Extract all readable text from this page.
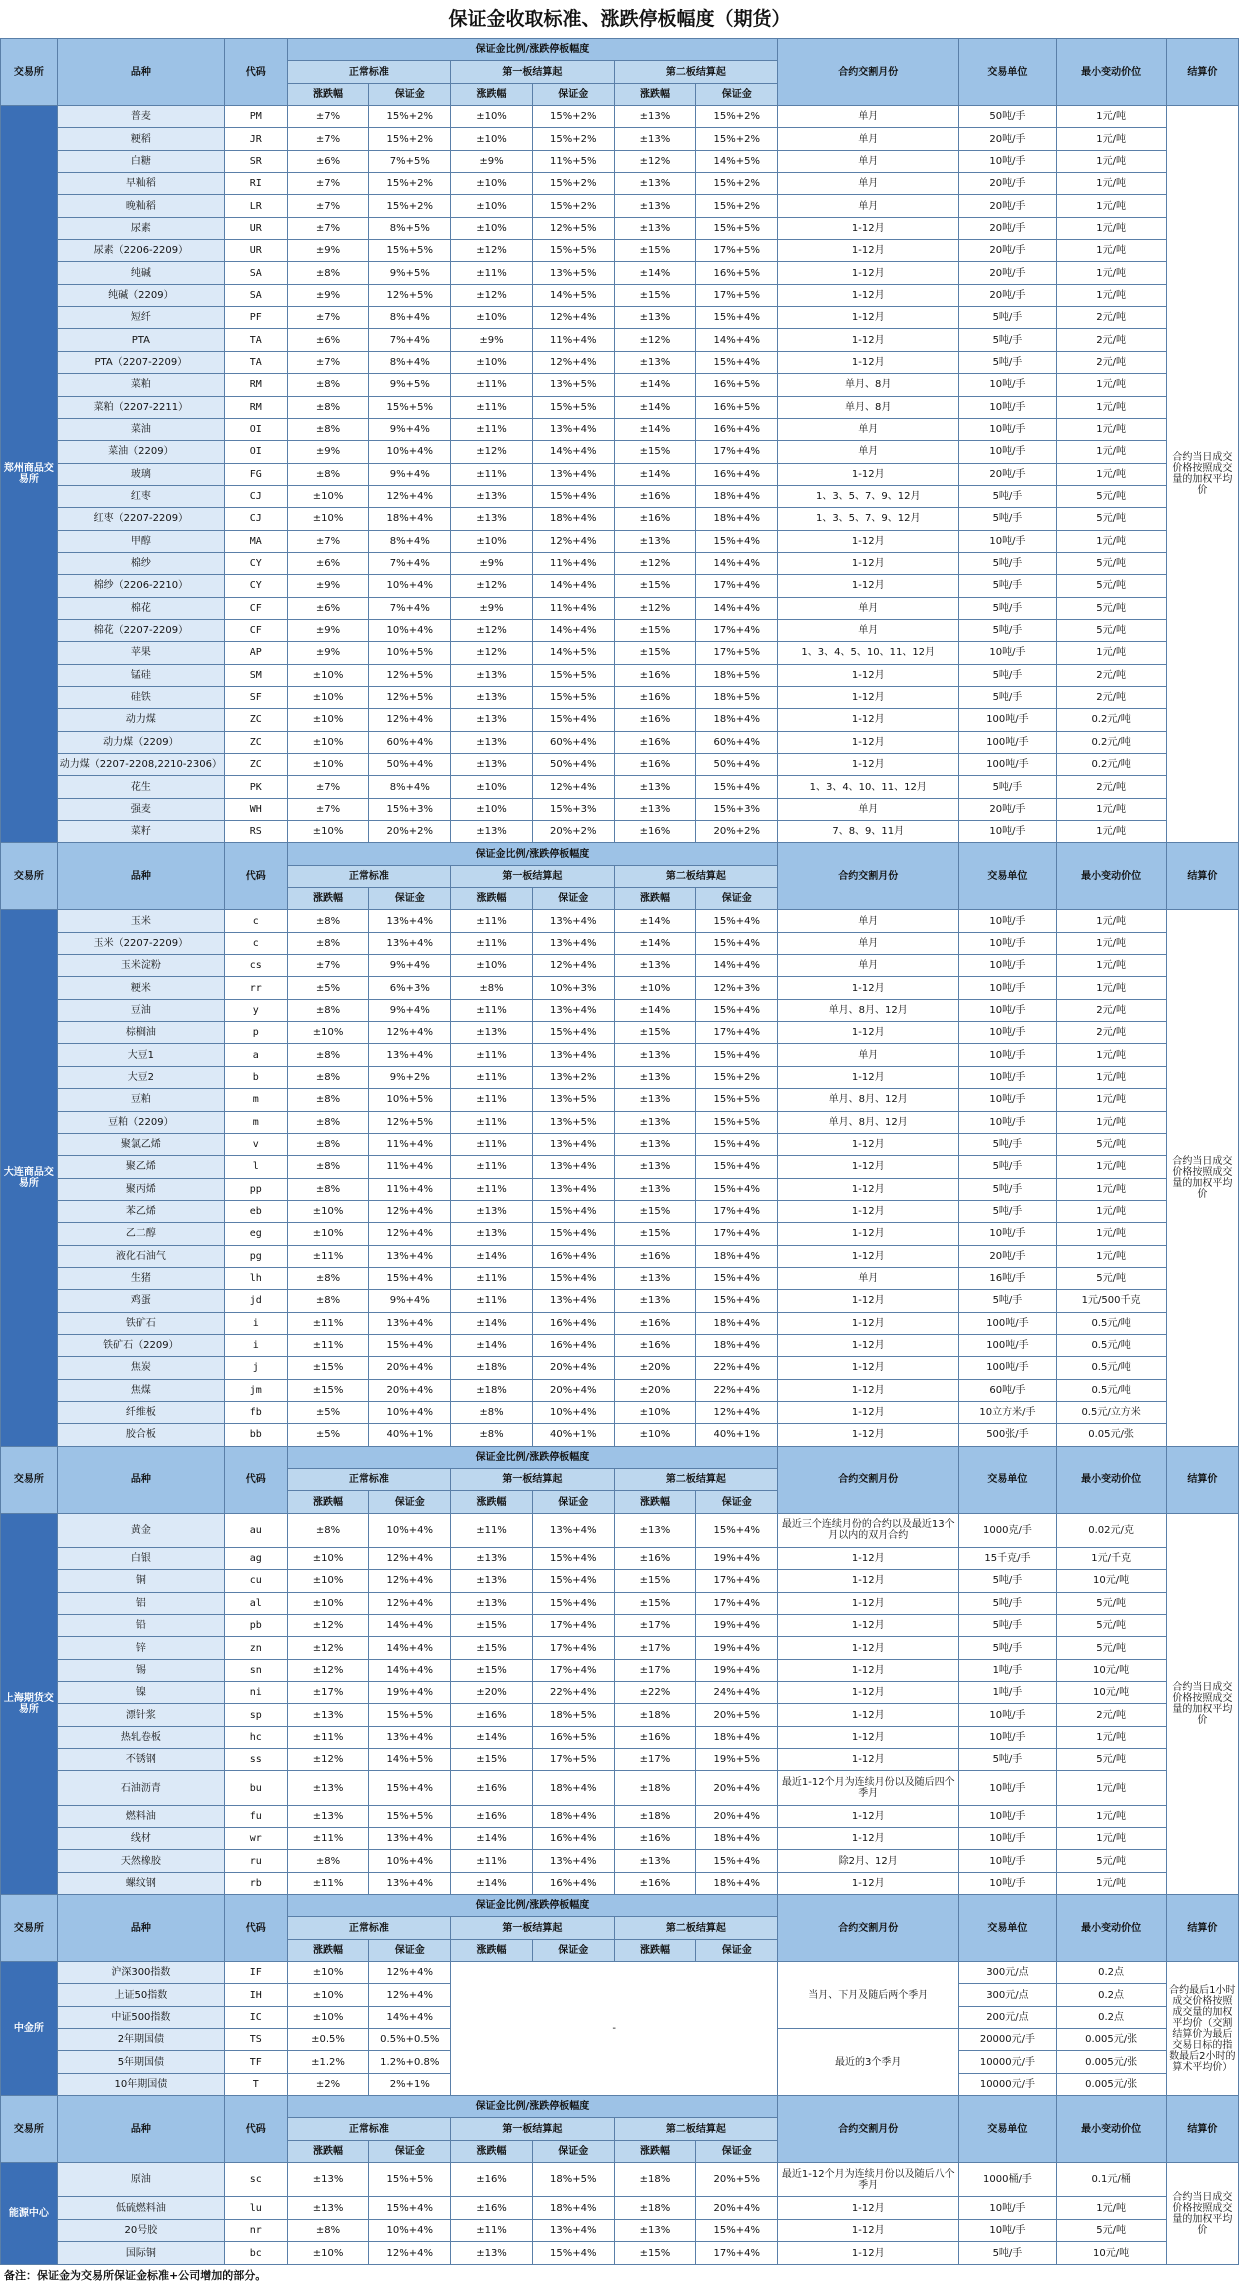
保证金收取标准、涨跌停板幅度（期货）
交易所	品种	代码	保证金比例/涨跌停板幅度						合约交割月份	交易单位	最小变动价位	结算价
			正常标准		第一板结算起		第二板结算起					
			涨跌幅	保证金	涨跌幅	保证金	涨跌幅	保证金				
郑州商品交易所	普麦	PM	±7%	15%+2%	±10%	15%+2%	±13%	15%+2%	单月	50吨/手	1元/吨	合约当日成交价格按照成交量的加权平均价
	粳稻	JR	±7%	15%+2%	±10%	15%+2%	±13%	15%+2%	单月	20吨/手	1元/吨	
	白糖	SR	±6%	7%+5%	±9%	11%+5%	±12%	14%+5%	单月	10吨/手	1元/吨	
	早籼稻	RI	±7%	15%+2%	±10%	15%+2%	±13%	15%+2%	单月	20吨/手	1元/吨	
	晚籼稻	LR	±7%	15%+2%	±10%	15%+2%	±13%	15%+2%	单月	20吨/手	1元/吨	
	尿素	UR	±7%	8%+5%	±10%	12%+5%	±13%	15%+5%	1-12月	20吨/手	1元/吨	
	尿素（2206-2209）	UR	±9%	15%+5%	±12%	15%+5%	±15%	17%+5%	1-12月	20吨/手	1元/吨	
	纯碱	SA	±8%	9%+5%	±11%	13%+5%	±14%	16%+5%	1-12月	20吨/手	1元/吨	
	纯碱（2209）	SA	±9%	12%+5%	±12%	14%+5%	±15%	17%+5%	1-12月	20吨/手	1元/吨	
	短纤	PF	±7%	8%+4%	±10%	12%+4%	±13%	15%+4%	1-12月	5吨/手	2元/吨	
	PTA	TA	±6%	7%+4%	±9%	11%+4%	±12%	14%+4%	1-12月	5吨/手	2元/吨	
	PTA（2207-2209）	TA	±7%	8%+4%	±10%	12%+4%	±13%	15%+4%	1-12月	5吨/手	2元/吨	
	菜粕	RM	±8%	9%+5%	±11%	13%+5%	±14%	16%+5%	单月、8月	10吨/手	1元/吨	
	菜粕（2207-2211）	RM	±8%	15%+5%	±11%	15%+5%	±14%	16%+5%	单月、8月	10吨/手	1元/吨	
	菜油	OI	±8%	9%+4%	±11%	13%+4%	±14%	16%+4%	单月	10吨/手	1元/吨	
	菜油（2209）	OI	±9%	10%+4%	±12%	14%+4%	±15%	17%+4%	单月	10吨/手	1元/吨	
	玻璃	FG	±8%	9%+4%	±11%	13%+4%	±14%	16%+4%	1-12月	20吨/手	1元/吨	
	红枣	CJ	±10%	12%+4%	±13%	15%+4%	±16%	18%+4%	1、3、5、7、9、12月	5吨/手	5元/吨	
	红枣（2207-2209）	CJ	±10%	18%+4%	±13%	18%+4%	±16%	18%+4%	1、3、5、7、9、12月	5吨/手	5元/吨	
	甲醇	MA	±7%	8%+4%	±10%	12%+4%	±13%	15%+4%	1-12月	10吨/手	1元/吨	
	棉纱	CY	±6%	7%+4%	±9%	11%+4%	±12%	14%+4%	1-12月	5吨/手	5元/吨	
	棉纱（2206-2210）	CY	±9%	10%+4%	±12%	14%+4%	±15%	17%+4%	1-12月	5吨/手	5元/吨	
	棉花	CF	±6%	7%+4%	±9%	11%+4%	±12%	14%+4%	单月	5吨/手	5元/吨	
	棉花（2207-2209）	CF	±9%	10%+4%	±12%	14%+4%	±15%	17%+4%	单月	5吨/手	5元/吨	
	苹果	AP	±9%	10%+5%	±12%	14%+5%	±15%	17%+5%	1、3、4、5、10、11、12月	10吨/手	1元/吨	
	锰硅	SM	±10%	12%+5%	±13%	15%+5%	±16%	18%+5%	1-12月	5吨/手	2元/吨	
	硅铁	SF	±10%	12%+5%	±13%	15%+5%	±16%	18%+5%	1-12月	5吨/手	2元/吨	
	动力煤	ZC	±10%	12%+4%	±13%	15%+4%	±16%	18%+4%	1-12月	100吨/手	0.2元/吨	
	动力煤（2209）	ZC	±10%	60%+4%	±13%	60%+4%	±16%	60%+4%	1-12月	100吨/手	0.2元/吨	
	动力煤（2207-2208,2210-2306）	ZC	±10%	50%+4%	±13%	50%+4%	±16%	50%+4%	1-12月	100吨/手	0.2元/吨	
	花生	PK	±7%	8%+4%	±10%	12%+4%	±13%	15%+4%	1、3、4、10、11、12月	5吨/手	2元/吨	
	强麦	WH	±7%	15%+3%	±10%	15%+3%	±13%	15%+3%	单月	20吨/手	1元/吨	
	菜籽	RS	±10%	20%+2%	±13%	20%+2%	±16%	20%+2%	7、8、9、11月	10吨/手	1元/吨	
交易所	品种	代码	保证金比例/涨跌停板幅度						合约交割月份	交易单位	最小变动价位	结算价
			正常标准		第一板结算起		第二板结算起					
			涨跌幅	保证金	涨跌幅	保证金	涨跌幅	保证金				
大连商品交易所	玉米	c	±8%	13%+4%	±11%	13%+4%	±14%	15%+4%	单月	10吨/手	1元/吨	合约当日成交价格按照成交量的加权平均价
	玉米（2207-2209）	c	±8%	13%+4%	±11%	13%+4%	±14%	15%+4%	单月	10吨/手	1元/吨	
	玉米淀粉	cs	±7%	9%+4%	±10%	12%+4%	±13%	14%+4%	单月	10吨/手	1元/吨	
	粳米	rr	±5%	6%+3%	±8%	10%+3%	±10%	12%+3%	1-12月	10吨/手	1元/吨	
	豆油	y	±8%	9%+4%	±11%	13%+4%	±14%	15%+4%	单月、8月、12月	10吨/手	2元/吨	
	棕榈油	p	±10%	12%+4%	±13%	15%+4%	±15%	17%+4%	1-12月	10吨/手	2元/吨	
	大豆1	a	±8%	13%+4%	±11%	13%+4%	±13%	15%+4%	单月	10吨/手	1元/吨	
	大豆2	b	±8%	9%+2%	±11%	13%+2%	±13%	15%+2%	1-12月	10吨/手	1元/吨	
	豆粕	m	±8%	10%+5%	±11%	13%+5%	±13%	15%+5%	单月、8月、12月	10吨/手	1元/吨	
	豆粕（2209）	m	±8%	12%+5%	±11%	13%+5%	±13%	15%+5%	单月、8月、12月	10吨/手	1元/吨	
	聚氯乙烯	v	±8%	11%+4%	±11%	13%+4%	±13%	15%+4%	1-12月	5吨/手	5元/吨	
	聚乙烯	l	±8%	11%+4%	±11%	13%+4%	±13%	15%+4%	1-12月	5吨/手	1元/吨	
	聚丙烯	pp	±8%	11%+4%	±11%	13%+4%	±13%	15%+4%	1-12月	5吨/手	1元/吨	
	苯乙烯	eb	±10%	12%+4%	±13%	15%+4%	±15%	17%+4%	1-12月	5吨/手	1元/吨	
	乙二醇	eg	±10%	12%+4%	±13%	15%+4%	±15%	17%+4%	1-12月	10吨/手	1元/吨	
	液化石油气	pg	±11%	13%+4%	±14%	16%+4%	±16%	18%+4%	1-12月	20吨/手	1元/吨	
	生猪	lh	±8%	15%+4%	±11%	15%+4%	±13%	15%+4%	单月	16吨/手	5元/吨	
	鸡蛋	jd	±8%	9%+4%	±11%	13%+4%	±13%	15%+4%	1-12月	5吨/手	1元/500千克	
	铁矿石	i	±11%	13%+4%	±14%	16%+4%	±16%	18%+4%	1-12月	100吨/手	0.5元/吨	
	铁矿石（2209）	i	±11%	15%+4%	±14%	16%+4%	±16%	18%+4%	1-12月	100吨/手	0.5元/吨	
	焦炭	j	±15%	20%+4%	±18%	20%+4%	±20%	22%+4%	1-12月	100吨/手	0.5元/吨	
	焦煤	jm	±15%	20%+4%	±18%	20%+4%	±20%	22%+4%	1-12月	60吨/手	0.5元/吨	
	纤维板	fb	±5%	10%+4%	±8%	10%+4%	±10%	12%+4%	1-12月	10立方米/手	0.5元/立方米	
	胶合板	bb	±5%	40%+1%	±8%	40%+1%	±10%	40%+1%	1-12月	500张/手	0.05元/张	
交易所	品种	代码	保证金比例/涨跌停板幅度						合约交割月份	交易单位	最小变动价位	结算价
			正常标准		第一板结算起		第二板结算起					
			涨跌幅	保证金	涨跌幅	保证金	涨跌幅	保证金				
上海期货交易所	黄金	au	±8%	10%+4%	±11%	13%+4%	±13%	15%+4%	最近三个连续月份的合约以及最近13个月以内的双月合约	1000克/手	0.02元/克	合约当日成交价格按照成交量的加权平均价
	白银	ag	±10%	12%+4%	±13%	15%+4%	±16%	19%+4%	1-12月	15千克/手	1元/千克	
	铜	cu	±10%	12%+4%	±13%	15%+4%	±15%	17%+4%	1-12月	5吨/手	10元/吨	
	铝	al	±10%	12%+4%	±13%	15%+4%	±15%	17%+4%	1-12月	5吨/手	5元/吨	
	铅	pb	±12%	14%+4%	±15%	17%+4%	±17%	19%+4%	1-12月	5吨/手	5元/吨	
	锌	zn	±12%	14%+4%	±15%	17%+4%	±17%	19%+4%	1-12月	5吨/手	5元/吨	
	锡	sn	±12%	14%+4%	±15%	17%+4%	±17%	19%+4%	1-12月	1吨/手	10元/吨	
	镍	ni	±17%	19%+4%	±20%	22%+4%	±22%	24%+4%	1-12月	1吨/手	10元/吨	
	漂针浆	sp	±13%	15%+5%	±16%	18%+5%	±18%	20%+5%	1-12月	10吨/手	2元/吨	
	热轧卷板	hc	±11%	13%+4%	±14%	16%+5%	±16%	18%+4%	1-12月	10吨/手	1元/吨	
	不锈钢	ss	±12%	14%+5%	±15%	17%+5%	±17%	19%+5%	1-12月	5吨/手	5元/吨	
	石油沥青	bu	±13%	15%+4%	±16%	18%+4%	±18%	20%+4%	最近1-12个月为连续月份以及随后四个季月	10吨/手	1元/吨	
	燃料油	fu	±13%	15%+5%	±16%	18%+4%	±18%	20%+4%	1-12月	10吨/手	1元/吨	
	线材	wr	±11%	13%+4%	±14%	16%+4%	±16%	18%+4%	1-12月	10吨/手	1元/吨	
	天然橡胶	ru	±8%	10%+4%	±11%	13%+4%	±13%	15%+4%	除2月、12月	10吨/手	5元/吨	
	螺纹钢	rb	±11%	13%+4%	±14%	16%+4%	±16%	18%+4%	1-12月	10吨/手	1元/吨	
交易所	品种	代码	保证金比例/涨跌停板幅度						合约交割月份	交易单位	最小变动价位	结算价
			正常标准		第一板结算起		第二板结算起					
			涨跌幅	保证金	涨跌幅	保证金	涨跌幅	保证金				
中金所	沪深300指数	IF	±10%	12%+4%	-				当月、下月及随后两个季月	300元/点	0.2点	合约最后1小时成交价格按照成交量的加权平均价（交割结算价为最后交易日标的指数最后2小时的算术平均价）
	上证50指数	IH	±10%	12%+4%						300元/点	0.2点	
	中证500指数	IC	±10%	14%+4%						200元/点	0.2点	
	2年期国债	TS	±0.5%	0.5%+0.5%					最近的3个季月	20000元/手	0.005元/张	
	5年期国债	TF	±1.2%	1.2%+0.8%						10000元/手	0.005元/张	
	10年期国债	T	±2%	2%+1%						10000元/手	0.005元/张	
交易所	品种	代码	保证金比例/涨跌停板幅度						合约交割月份	交易单位	最小变动价位	结算价
			正常标准		第一板结算起		第二板结算起					
			涨跌幅	保证金	涨跌幅	保证金	涨跌幅	保证金				
能源中心	原油	sc	±13%	15%+5%	±16%	18%+5%	±18%	20%+5%	最近1-12个月为连续月份以及随后八个季月	1000桶/手	0.1元/桶	合约当日成交价格按照成交量的加权平均价
	低硫燃料油	lu	±13%	15%+4%	±16%	18%+4%	±18%	20%+4%	1-12月	10吨/手	1元/吨	
	20号胶	nr	±8%	10%+4%	±11%	13%+4%	±13%	15%+4%	1-12月	10吨/手	5元/吨	
	国际铜	bc	±10%	12%+4%	±13%	15%+4%	±15%	17%+4%	1-12月	5吨/手	10元/吨	
备注：保证金为交易所保证金标准+公司增加的部分。
